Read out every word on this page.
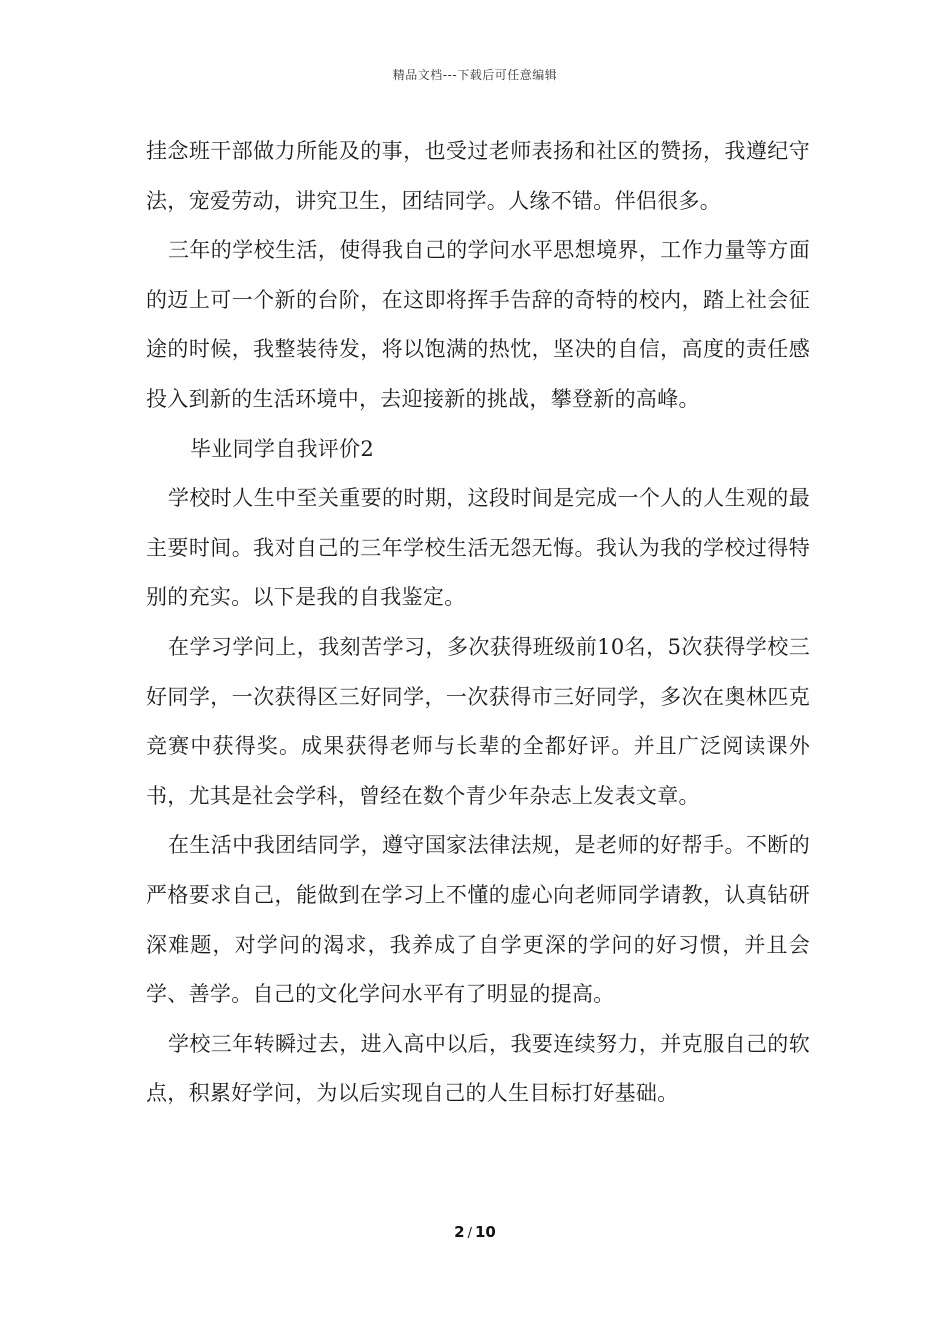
精品文档---下载后可任意编辑

挂念班干部做力所能及的事，也受过老师表扬和社区的赞扬，我遵纪守法，宠爱劳动，讲究卫生，团结同学。人缘不错。伴侣很多。

三年的学校生活，使得我自己的学问水平思想境界，工作力量等方面的迈上可一个新的台阶，在这即将挥手告辞的奇特的校内，踏上社会征途的时候，我整装待发，将以饱满的热忱，坚决的自信，高度的责任感投入到新的生活环境中，去迎接新的挑战，攀登新的高峰。

毕业同学自我评价2

学校时人生中至关重要的时期，这段时间是完成一个人的人生观的最主要时间。我对自己的三年学校生活无怨无悔。我认为我的学校过得特别的充实。以下是我的自我鉴定。

在学习学问上，我刻苦学习，多次获得班级前10名，5次获得学校三好同学，一次获得区三好同学，一次获得市三好同学，多次在奥林匹克竞赛中获得奖。成果获得老师与长辈的全都好评。并且广泛阅读课外书，尤其是社会学科，曾经在数个青少年杂志上发表文章。

在生活中我团结同学，遵守国家法律法规，是老师的好帮手。不断的严格要求自己，能做到在学习上不懂的虚心向老师同学请教，认真钻研深难题，对学问的渴求，我养成了自学更深的学问的好习惯，并且会学、善学。自己的文化学问水平有了明显的提高。

学校三年转瞬过去，进入高中以后，我要连续努力，并克服自己的软点，积累好学问，为以后实现自己的人生目标打好基础。

2 / 10
